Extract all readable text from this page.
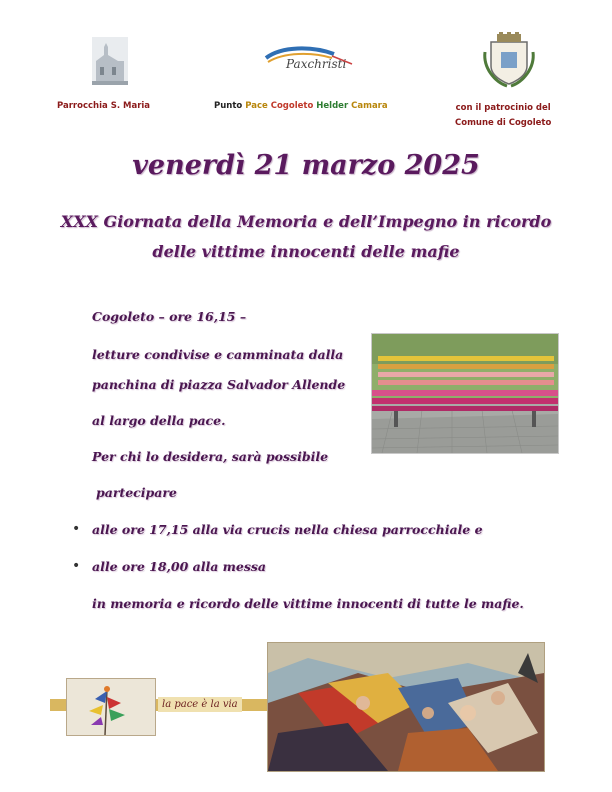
Paxchristi
Parrocchia S. Maria	Punto Pace Cogoleto Helder Camara	con il patrocinio del
Comune di Cogoleto
venerdì 21 marzo 2025
XXX Giornata della Memoria e dell’Impegno in ricordo
delle vittime innocenti delle mafie
Cogoleto – ore 16,15 –
letture condivise e camminata dalla
panchina di piazza Salvador Allende
al largo della pace.
Per chi lo desidera, sarà possibile
partecipare
• alle ore 17,15 alla via crucis nella chiesa parrocchiale e
• alle ore 18,00 alla messa
in memoria e ricordo delle vittime innocenti di tutte le mafie.
la pace è la via
